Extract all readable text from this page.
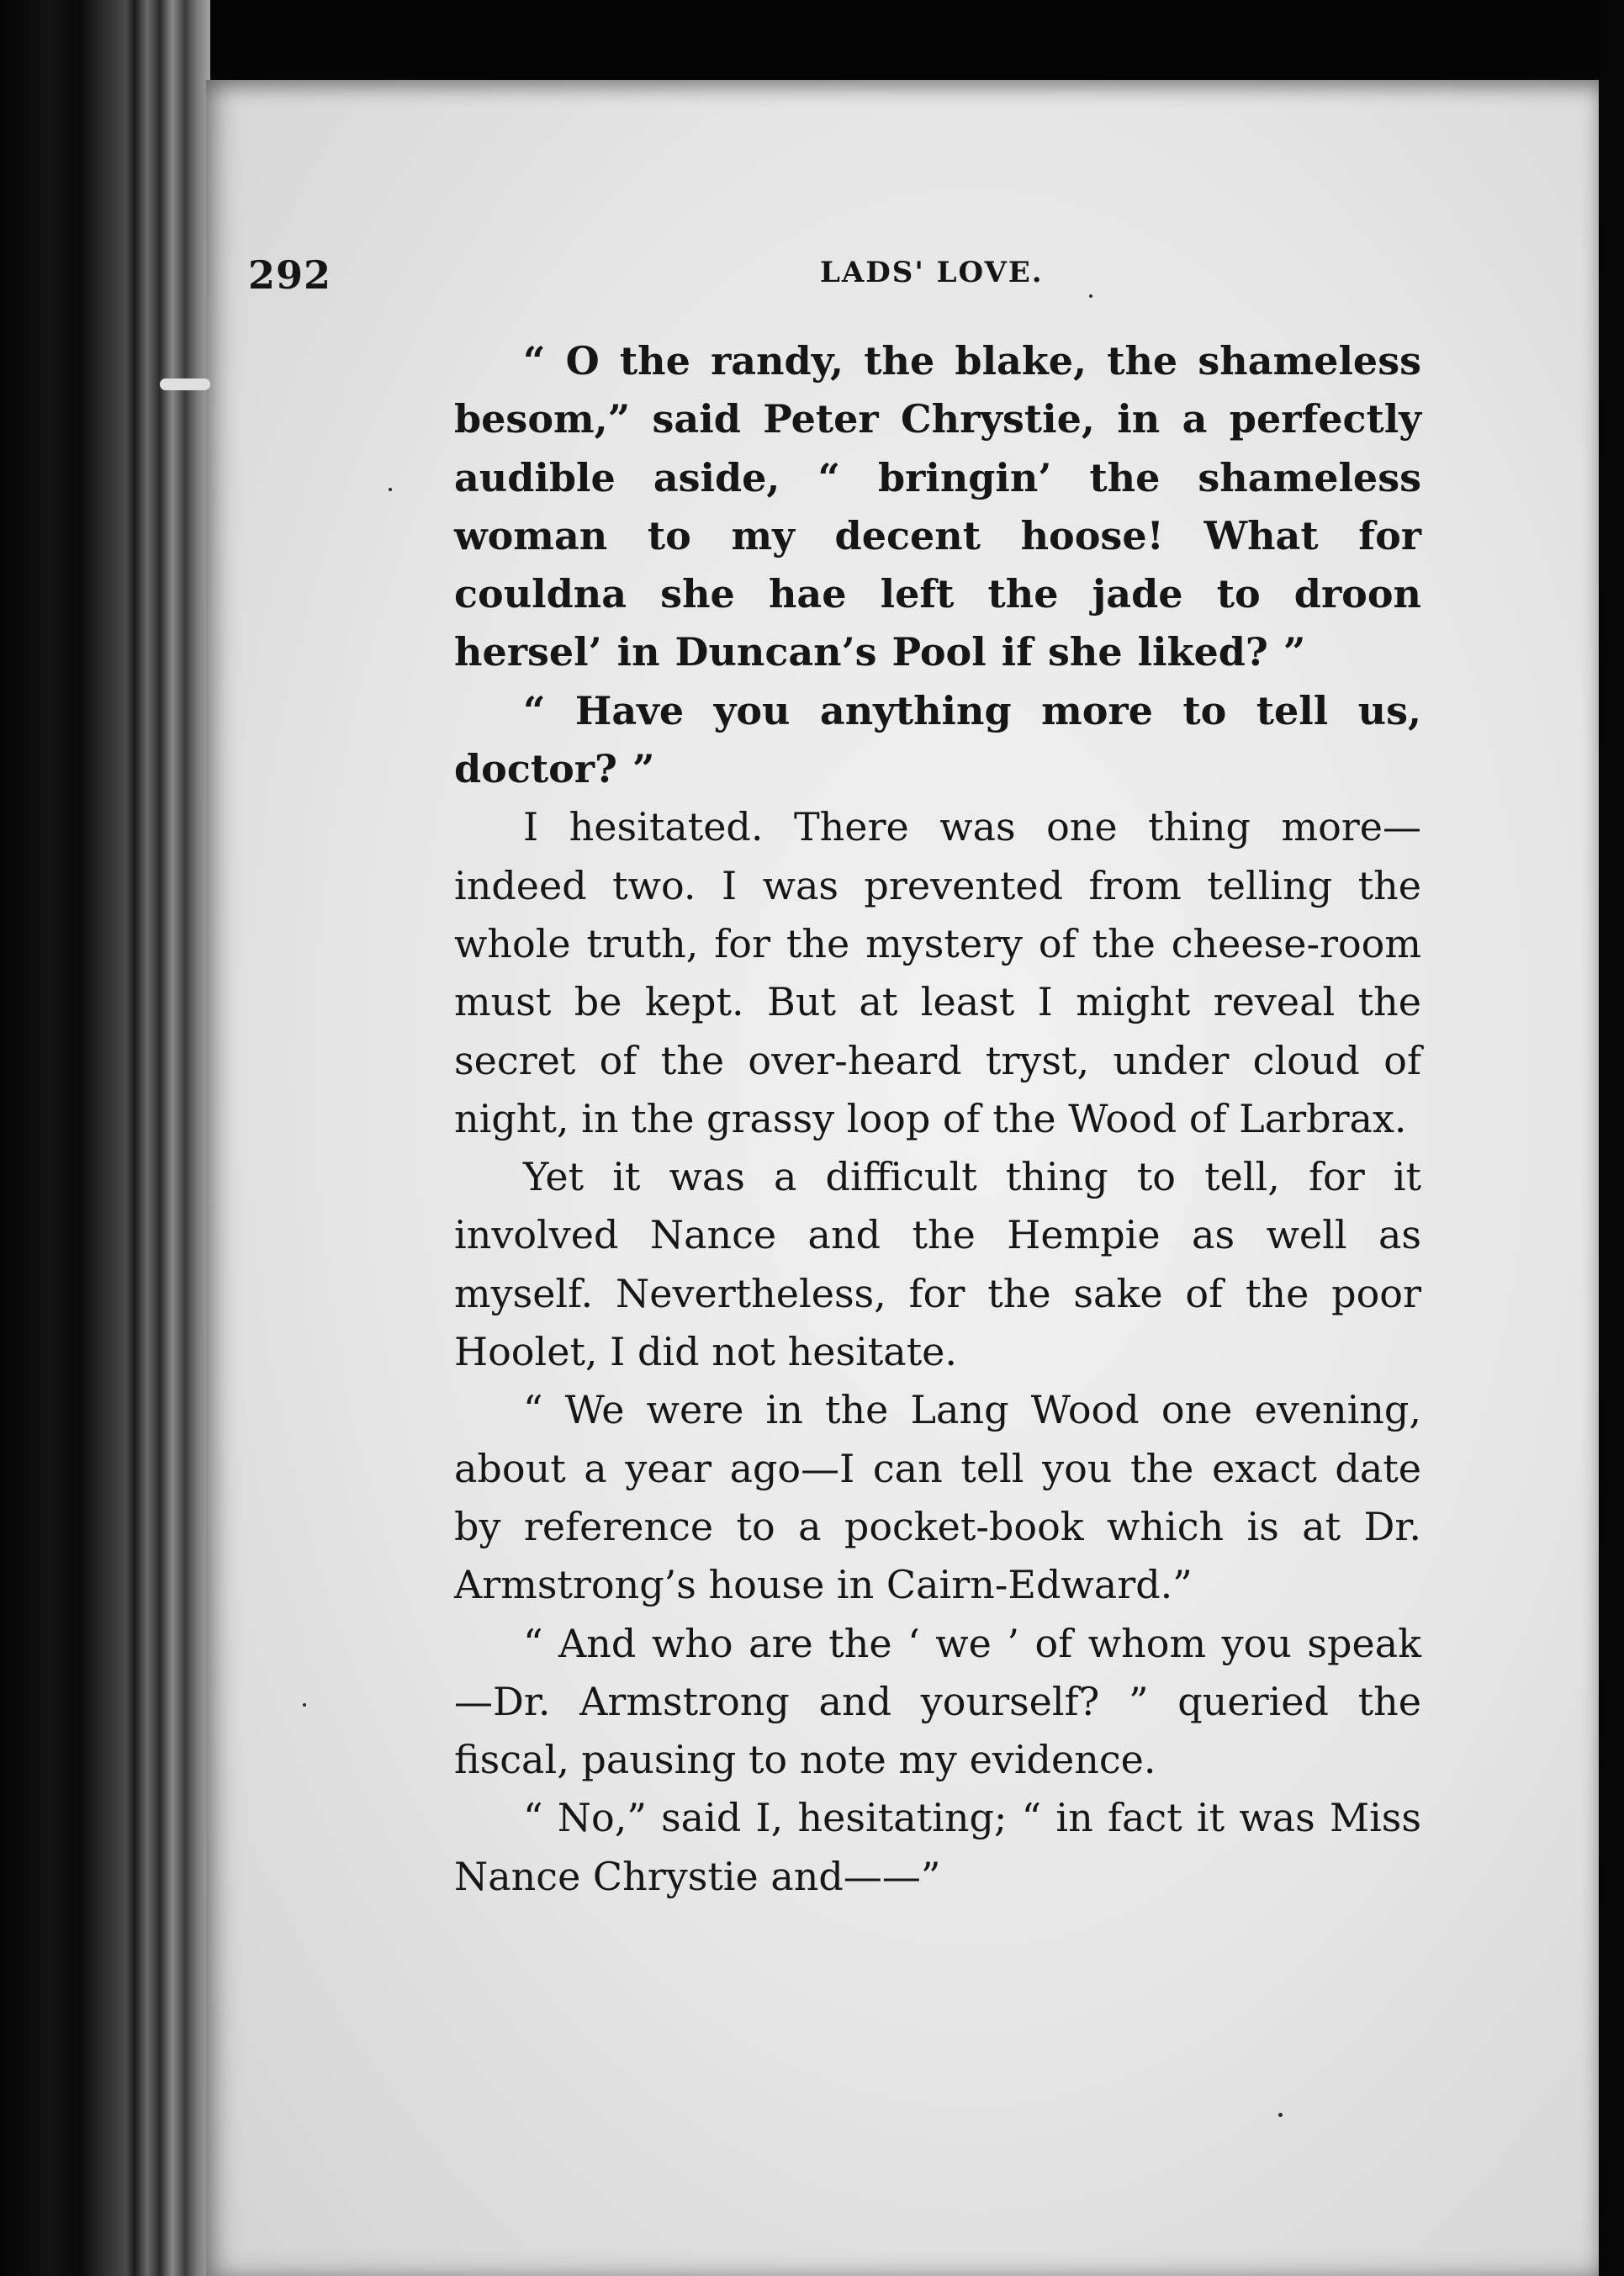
292	LADS' LOVE.

“ O the randy, the blake, the shameless besom,” said Peter Chrystie, in a perfectly audible aside, “ bringin’ the shameless woman to my decent hoose! What for couldna she hae left the jade to droon hersel’ in Duncan’s Pool if she liked? ”

“ Have you anything more to tell us, doctor? ”

I hesitated. There was one thing more—indeed two. I was prevented from telling the whole truth, for the mystery of the cheese-room must be kept. But at least I might reveal the secret of the over-heard tryst, under cloud of night, in the grassy loop of the Wood of Larbrax.

Yet it was a difficult thing to tell, for it involved Nance and the Hempie as well as myself. Nevertheless, for the sake of the poor Hoolet, I did not hesitate.

“ We were in the Lang Wood one evening, about a year ago—I can tell you the exact date by reference to a pocket-book which is at Dr. Armstrong’s house in Cairn-Edward.”

“ And who are the ‘ we ’ of whom you speak —Dr. Armstrong and yourself? ” queried the fiscal, pausing to note my evidence.

“ No,” said I, hesitating; “ in fact it was Miss Nance Chrystie and——”
